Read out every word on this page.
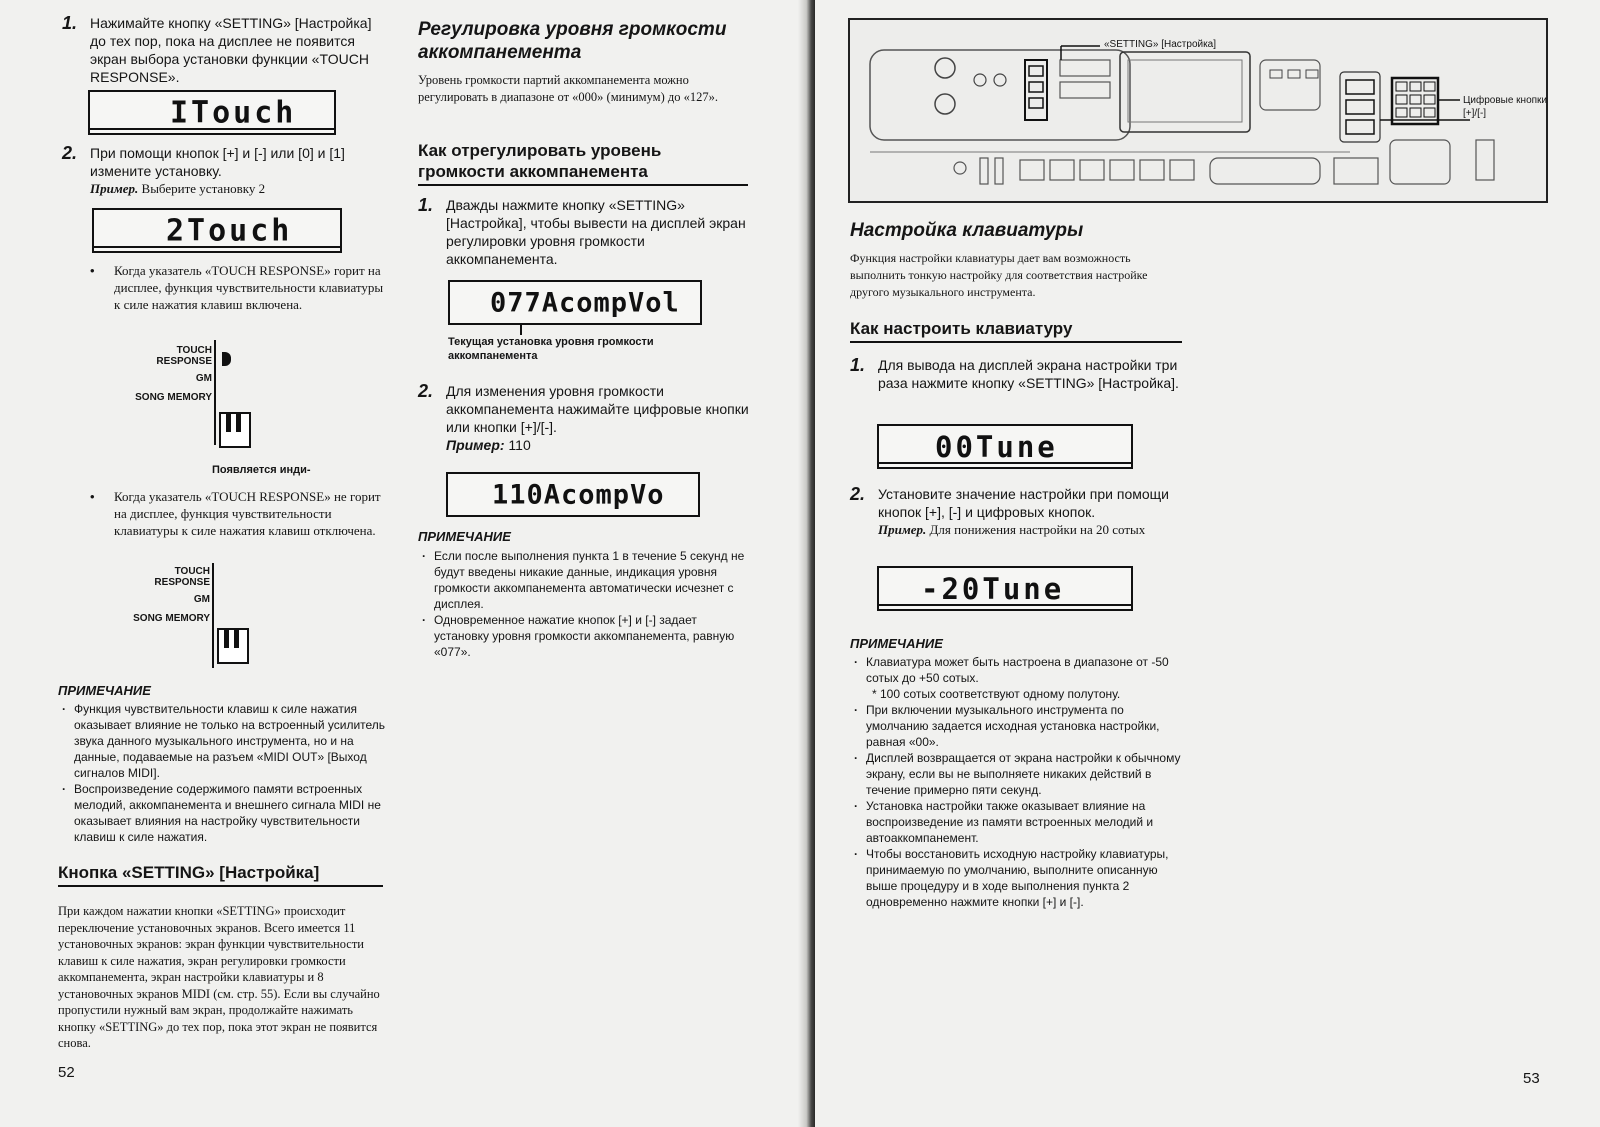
1. Нажимайте кнопку «SETTING» [Настройка] до тех пор, пока на дисплее не появится экран выбора установки функции «TOUCH RESPONSE».
ITouch
2. При помощи кнопок [+] и [-] или [0] и [1] измените установку.
Пример. Выберите установку 2
2Touch
• Когда указатель «TOUCH RESPONSE» горит на дисплее, функция чувствительности клавиатуры к силе нажатия клавиш включена.
TOUCH RESPONSE
GM
SONG MEMORY
Появляется инди-
• Когда указатель «TOUCH RESPONSE» не горит на дисплее, функция чувствительности клавиатуры к силе нажатия клавиш отключена.
TOUCH RESPONSE
GM
SONG MEMORY
ПРИМЕЧАНИЕ
· Функция чувствительности клавиш к силе нажатия оказывает влияние не только на встроенный усилитель звука данного музыкального инструмента, но и на данные, подаваемые на разъем «MIDI OUT» [Выход сигналов MIDI].
· Воспроизведение содержимого памяти встроенных мелодий, аккомпанемента и внешнего сигнала MIDI не оказывает влияния на настройку чувствительности клавиш к силе нажатия.
Кнопка «SETTING» [Настройка]
При каждом нажатии кнопки «SETTING» происходит переключение установочных экранов. Всего имеется 11 установочных экранов: экран функции чувствительности клавиш к силе нажатия, экран регулировки громкости аккомпанемента, экран настройки клавиатуры и 8 установочных экранов MIDI (см. стр. 55). Если вы случайно пропустили нужный вам экран, продолжайте нажимать кнопку «SETTING» до тех пор, пока этот экран не появится снова.
Регулировка уровня громкости аккомпанемента
Уровень громкости партий аккомпанемента можно регулировать в диапазоне от «000» (минимум) до «127».
Как отрегулировать уровень громкости аккомпанемента
1. Дважды нажмите кнопку «SETTING» [Настройка], чтобы вывести на дисплей экран регулировки уровня громкости аккомпанемента.
077AcompVol
Текущая установка уровня громкости аккомпанемента
2. Для изменения уровня громкости аккомпанемента нажимайте цифровые кнопки или кнопки [+]/[-].
Пример: 110
110AcompVo
ПРИМЕЧАНИЕ
· Если после выполнения пункта 1 в течение 5 секунд не будут введены никакие данные, индикация уровня громкости аккомпанемента автоматически исчезнет с дисплея.
· Одновременное нажатие кнопок [+] и [-] задает установку уровня громкости аккомпанемента, равную «077».
52
«SETTING» [Настройка]
Цифровые кнопки [+]/[-]

Настройка клавиатуры
Функция настройки клавиатуры дает вам возможность выполнить тонкую настройку для соответствия настройке другого музыкального инструмента.
Как настроить клавиатуру
1. Для вывода на дисплей экрана настройки три раза нажмите кнопку «SETTING» [Настройка].
00Tune
2. Установите значение настройки при помощи кнопок [+], [-] и цифровых кнопок.
Пример. Для понижения настройки на 20 сотых
-20Tune
ПРИМЕЧАНИЕ
· Клавиатура может быть настроена в диапазоне от -50 сотых до +50 сотых.
* 100 сотых соответствуют одному полутону.
· При включении музыкального инструмента по умолчанию задается исходная установка настройки, равная «00».
· Дисплей возвращается от экрана настройки к обычному экрану, если вы не выполняете никаких действий в течение примерно пяти секунд.
· Установка настройки также оказывает влияние на воспроизведение из памяти встроенных мелодий и автоаккомпанемент.
· Чтобы восстановить исходную настройку клавиатуры, принимаемую по умолчанию, выполните описанную выше процедуру и в ходе выполнения пункта 2 одновременно нажмите кнопки [+] и [-].
53
